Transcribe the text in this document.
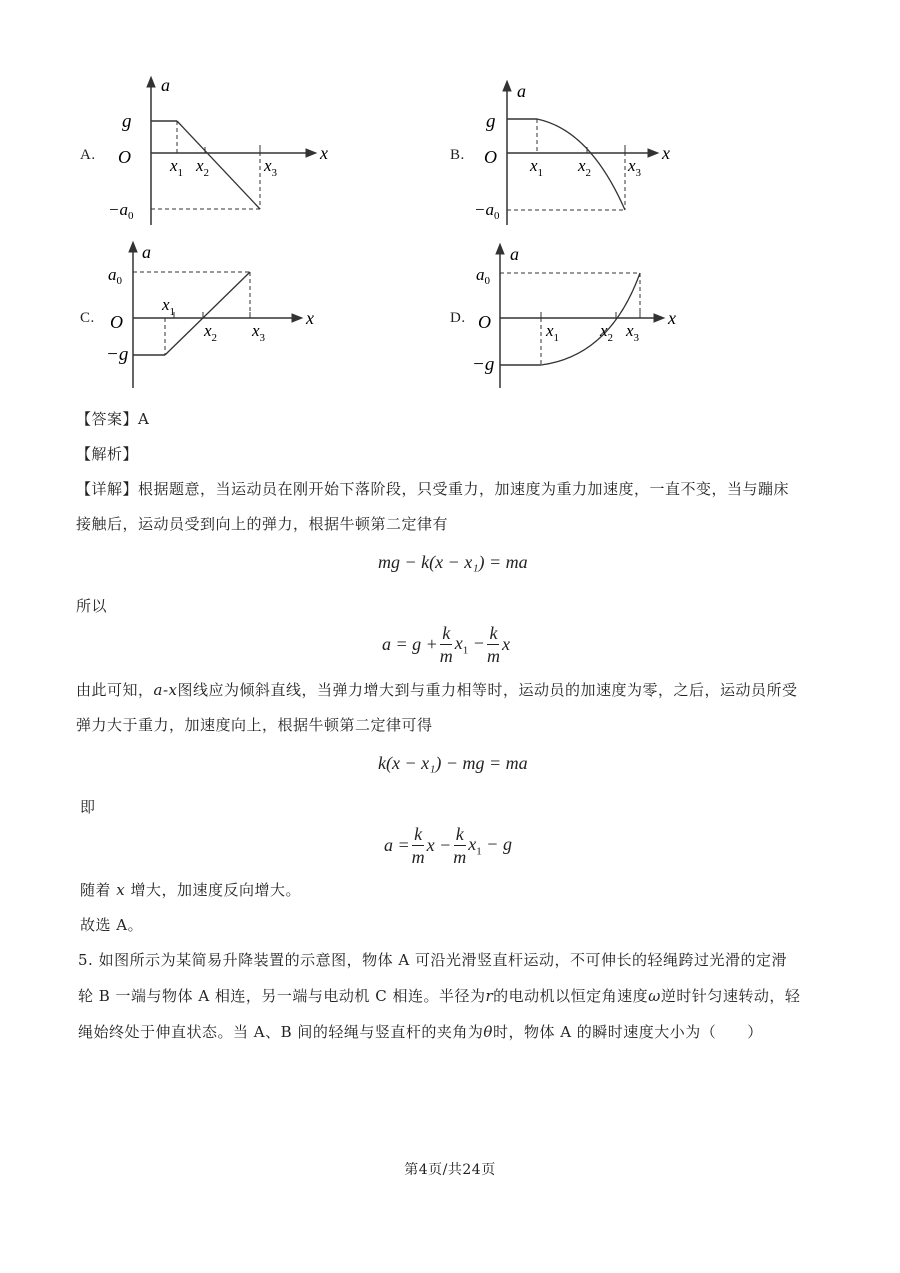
A.
a
x
g
O
$-a_0$
$x_1$ $x_2$	$x_3$
B.
a
x
g
O
$-a_0$
$x_1$ $x_2$ $x_3$
C.
a
x
$a_0$
O
−g
$x_1$
$x_2$ $x_3$
D.
a
x
$a_0$
O
−g
$x_1$ $x_2$ $x_3$
【答案】A
【解析】
【详解】根据题意，当运动员在刚开始下落阶段，只受重力，加速度为重力加速度，一直不变，当与蹦床
接触后，运动员受到向上的弹力，根据牛顿第二定律有
mg − k(x − x₁) = ma
所以
$a = g + \frac{k}{m} x_1 - \frac{k}{m}$ x
由此可知，a-x图线应为倾斜直线，当弹力增大到与重力相等时，运动员的加速度为零，之后，运动员所受
弹力大于重力，加速度向上，根据牛顿第二定律可得
k(x − x₁) − mg = ma
即
$a = \frac{k}{m}$ $x - \frac{k}{m} x_1 - g$
随着 x 增大，加速度反向增大。
故选 A。
5. 如图所示为某简易升降装置的示意图，物体 A 可沿光滑竖直杆运动，不可伸长的轻绳跨过光滑的定滑
轮 B 一端与物体 A 相连，另一端与电动机 C 相连。半径为r的电动机以恒定角速度ω逆时针匀速转动，轻
绳始终处于伸直状态。当 A、B 间的轻绳与竖直杆的夹角为θ时，物体 A 的瞬时速度大小为（　　）
第4页/共24页
